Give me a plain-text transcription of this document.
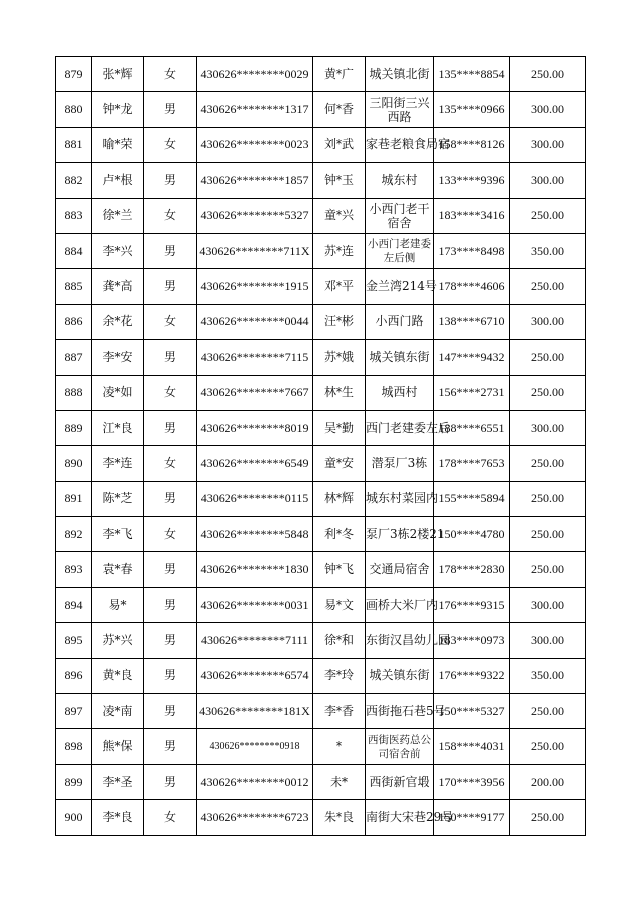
879	张*辉	女	430626********0029	黄*广	城关镇北街	135****8854	250.00
880	钟*龙	男	430626********1317	何*香	三阳街三兴西路	135****0966	300.00
881	喻*荣	女	430626********0023	刘*武	家巷老粮食局宿	158****8126	300.00
882	卢*根	男	430626********1857	钟*玉	城东村	133****9396	300.00
883	徐*兰	女	430626********5327	童*兴	小西门老干宿舍	183****3416	250.00
884	李*兴	男	430626********711X	苏*连	小西门老建委左后侧	173****8498	350.00
885	龚*高	男	430626********1915	邓*平	金兰湾214号	178****4606	250.00
886	余*花	女	430626********0044	汪*彬	小西门路	138****6710	300.00
887	李*安	男	430626********7115	苏*娥	城关镇东街	147****9432	250.00
888	凌*如	女	430626********7667	林*生	城西村	156****2731	250.00
889	江*良	男	430626********8019	吴*勤	西门老建委左后	188****6551	300.00
890	李*连	女	430626********6549	童*安	潜泵厂3栋	178****7653	250.00
891	陈*芝	男	430626********0115	林*辉	城东村菜园内	155****5894	250.00
892	李*飞	女	430626********5848	利*冬	泵厂3栋2楼21	150****4780	250.00
893	袁*春	男	430626********1830	钟*飞	交通局宿舍	178****2830	250.00
894	易*	男	430626********0031	易*文	画桥大米厂内	176****9315	300.00
895	苏*兴	男	430626********7111	徐*和	东街汉昌幼儿园	183****0973	300.00
896	黄*良	男	430626********6574	李*玲	城关镇东街	176****9322	350.00
897	凌*南	男	430626********181X	李*香	西街拖石巷5号	150****5327	250.00
898	熊*保	男	430626********0918	*	西街医药总公司宿舍前	158****4031	250.00
899	李*圣	男	430626********0012	未*	西街新官塅	170****3956	200.00
900	李*良	女	430626********6723	朱*良	南街大宋巷29号	150****9177	250.00
